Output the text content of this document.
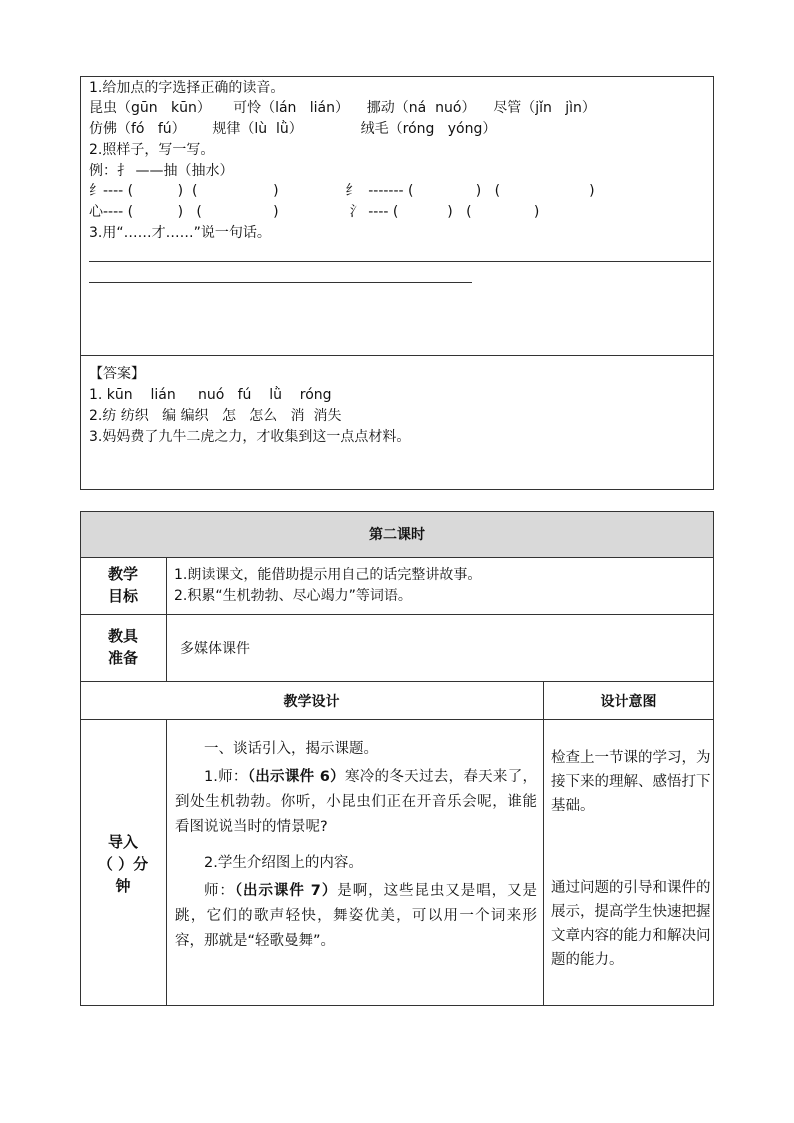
1.给加点的字选择正确的读音。
昆虫（gūn   kūn）     可怜（lán   lián）    挪动（ná  nuó）    尽管（jǐn   jìn）
仿佛（fó   fú）      规律（lù  lǜ）             绒毛（róng   yóng）
2.照样子，写一写。
例：扌 ——抽（抽水）
纟---- (          )  (                 )               纟  ------- (              )   (                    )
心---- (          )   (                )                氵 ---- (           )   (              )
3.用“……才……”说一句话。
【答案】
1. kūn    lián     nuó   fú    lǜ    róng
2.纺 纺织   编 编织   怎   怎么   消  消失
3.妈妈费了九牛二虎之力，才收集到这一点点材料。
第二课时
教学
目标
1.朗读课文，能借助提示用自己的话完整讲故事。
2.积累“生机勃勃、尽心竭力”等词语。
教具
准备	多媒体课件
教学设计	设计意图
导入
（ ）分
钟
一、谈话引入，揭示课题。
1.师：（出示课件 6）寒冷的冬天过去，春天来了，到处生机勃勃。你听，小昆虫们正在开音乐会呢，谁能看图说说当时的情景呢?
2.学生介绍图上的内容。
师：（出示课件 7）是啊，这些昆虫又是唱，又是跳，它们的歌声轻快，舞姿优美，可以用一个词来形容，那就是“轻歌曼舞”。
检查上一节课的学习，为接下来的理解、感悟打下基础。
通过问题的引导和课件的展示，提高学生快速把握文章内容的能力和解决问题的能力。
